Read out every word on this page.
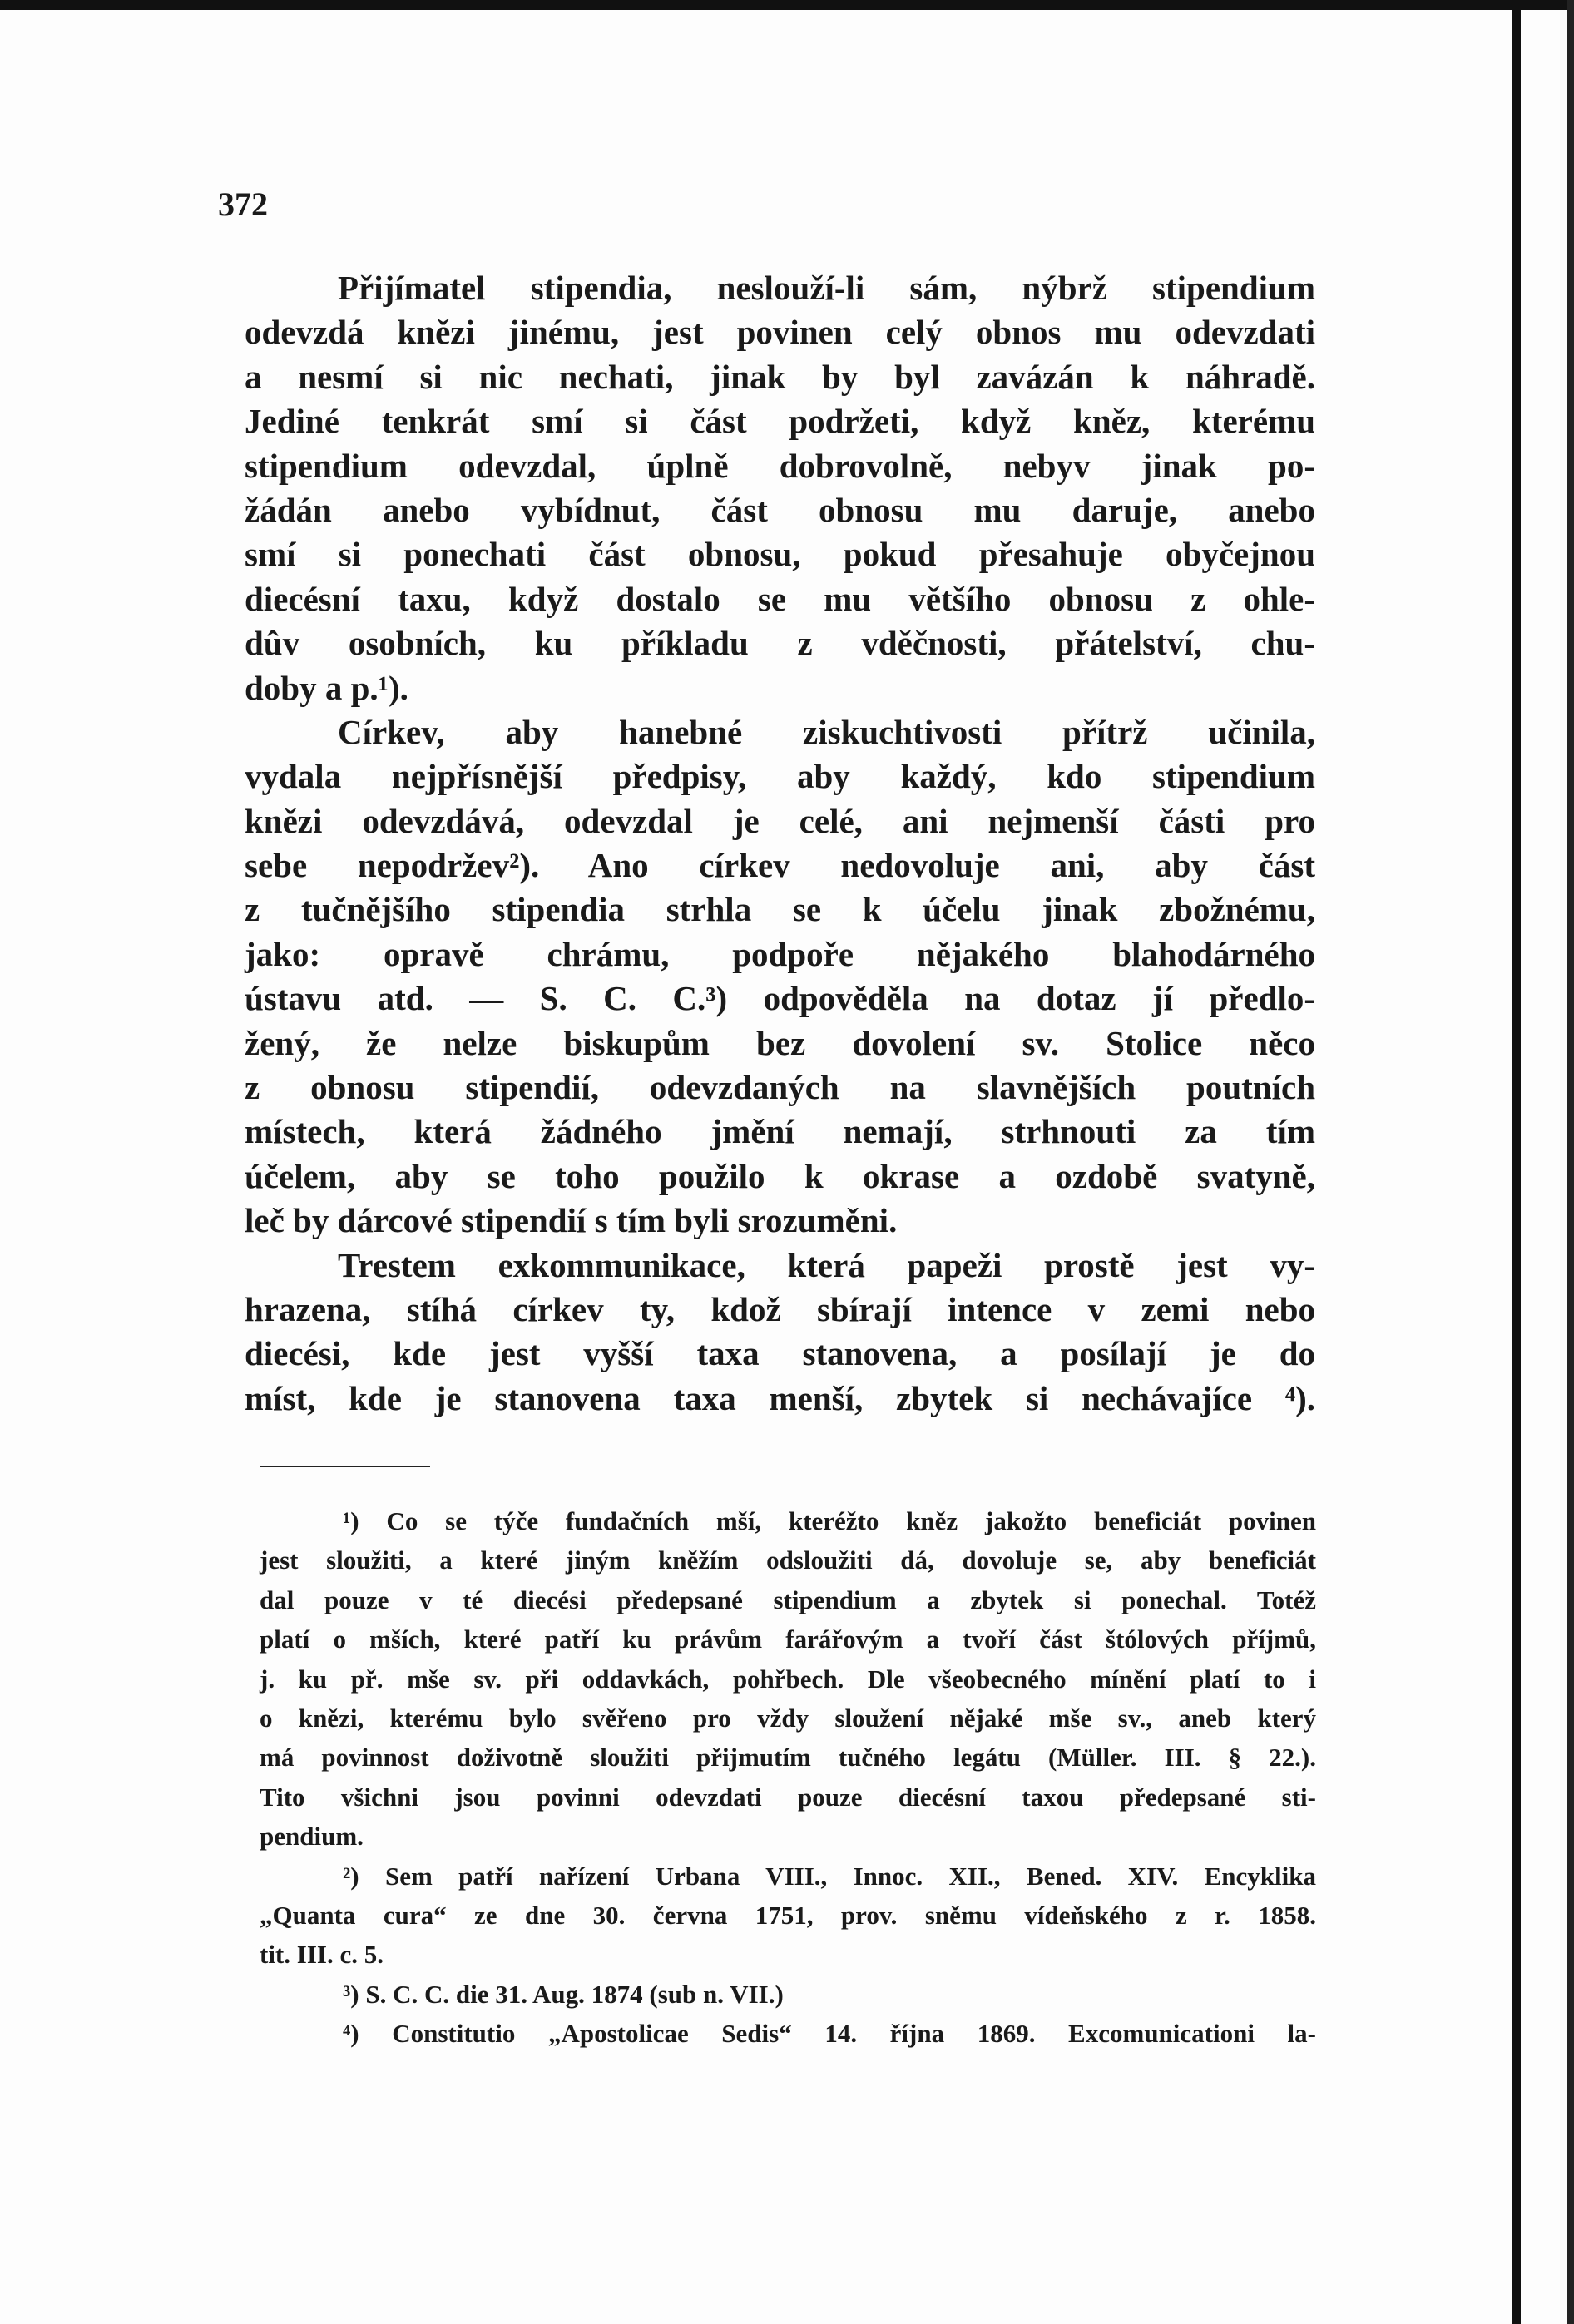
372
Přijímatel stipendia, neslouží-li sám, nýbrž stipendium
odevzdá knězi jinému, jest povinen celý obnos mu odevzdati
a nesmí si nic nechati, jinak by byl zavázán k náhradě.
Jediné tenkrát smí si část podržeti, když kněz, kterému
stipendium odevzdal, úplně dobrovolně, nebyv jinak po-
žádán anebo vybídnut, část obnosu mu daruje, anebo
smí si ponechati část obnosu, pokud přesahuje obyčejnou
diecésní taxu, když dostalo se mu většího obnosu z ohle-
dûv osobních, ku příkladu z vděčnosti, přátelství, chu-
doby a p.¹).
Církev, aby hanebné ziskuchtivosti přítrž učinila,
vydala nejpřísnější předpisy, aby každý, kdo stipendium
knězi odevzdává, odevzdal je celé, ani nejmenší části pro
sebe nepodržev²). Ano církev nedovoluje ani, aby část
z tučnějšího stipendia strhla se k účelu jinak zbožnému,
jako: opravě chrámu, podpoře nějakého blahodárného
ústavu atd. — S. C. C.³) odpověděla na dotaz jí předlo-
žený, že nelze biskupům bez dovolení sv. Stolice něco
z obnosu stipendií, odevzdaných na slavnějších poutních
místech, která žádného jmění nemají, strhnouti za tím
účelem, aby se toho použilo k okrase a ozdobě svatyně,
leč by dárcové stipendií s tím byli srozuměni.
Trestem exkommunikace, která papeži prostě jest vy-
hrazena, stíhá církev ty, kdož sbírají intence v zemi nebo
diecési, kde jest vyšší taxa stanovena, a posílají je do
míst, kde je stanovena taxa menší, zbytek si nechávajíce ⁴).
¹) Co se týče fundačních mší, kteréžto kněz jakožto beneficiát povinen
jest sloužiti, a které jiným kněžím odsloužiti dá, dovoluje se, aby beneficiát
dal pouze v té diecési předepsané stipendium a zbytek si ponechal. Totéž
platí o mších, které patří ku právům farářovým a tvoří část štólových příjmů,
j. ku př. mše sv. při oddavkách, pohřbech. Dle všeobecného mínění platí to i
o knězi, kterému bylo svěřeno pro vždy sloužení nějaké mše sv., aneb který
má povinnost doživotně sloužiti přijmutím tučného legátu (Müller. III. § 22.).
Tito všichni jsou povinni odevzdati pouze diecésní taxou předepsané sti-
pendium.
²) Sem patří nařízení Urbana VIII., Innoc. XII., Bened. XIV. Encyklika
„Quanta cura“ ze dne 30. června 1751, prov. sněmu vídeňského z r. 1858.
tit. III. c. 5.
³) S. C. C. die 31. Aug. 1874 (sub n. VII.)
⁴) Constitutio „Apostolicae Sedis“ 14. října 1869. Excomunicationi la-
